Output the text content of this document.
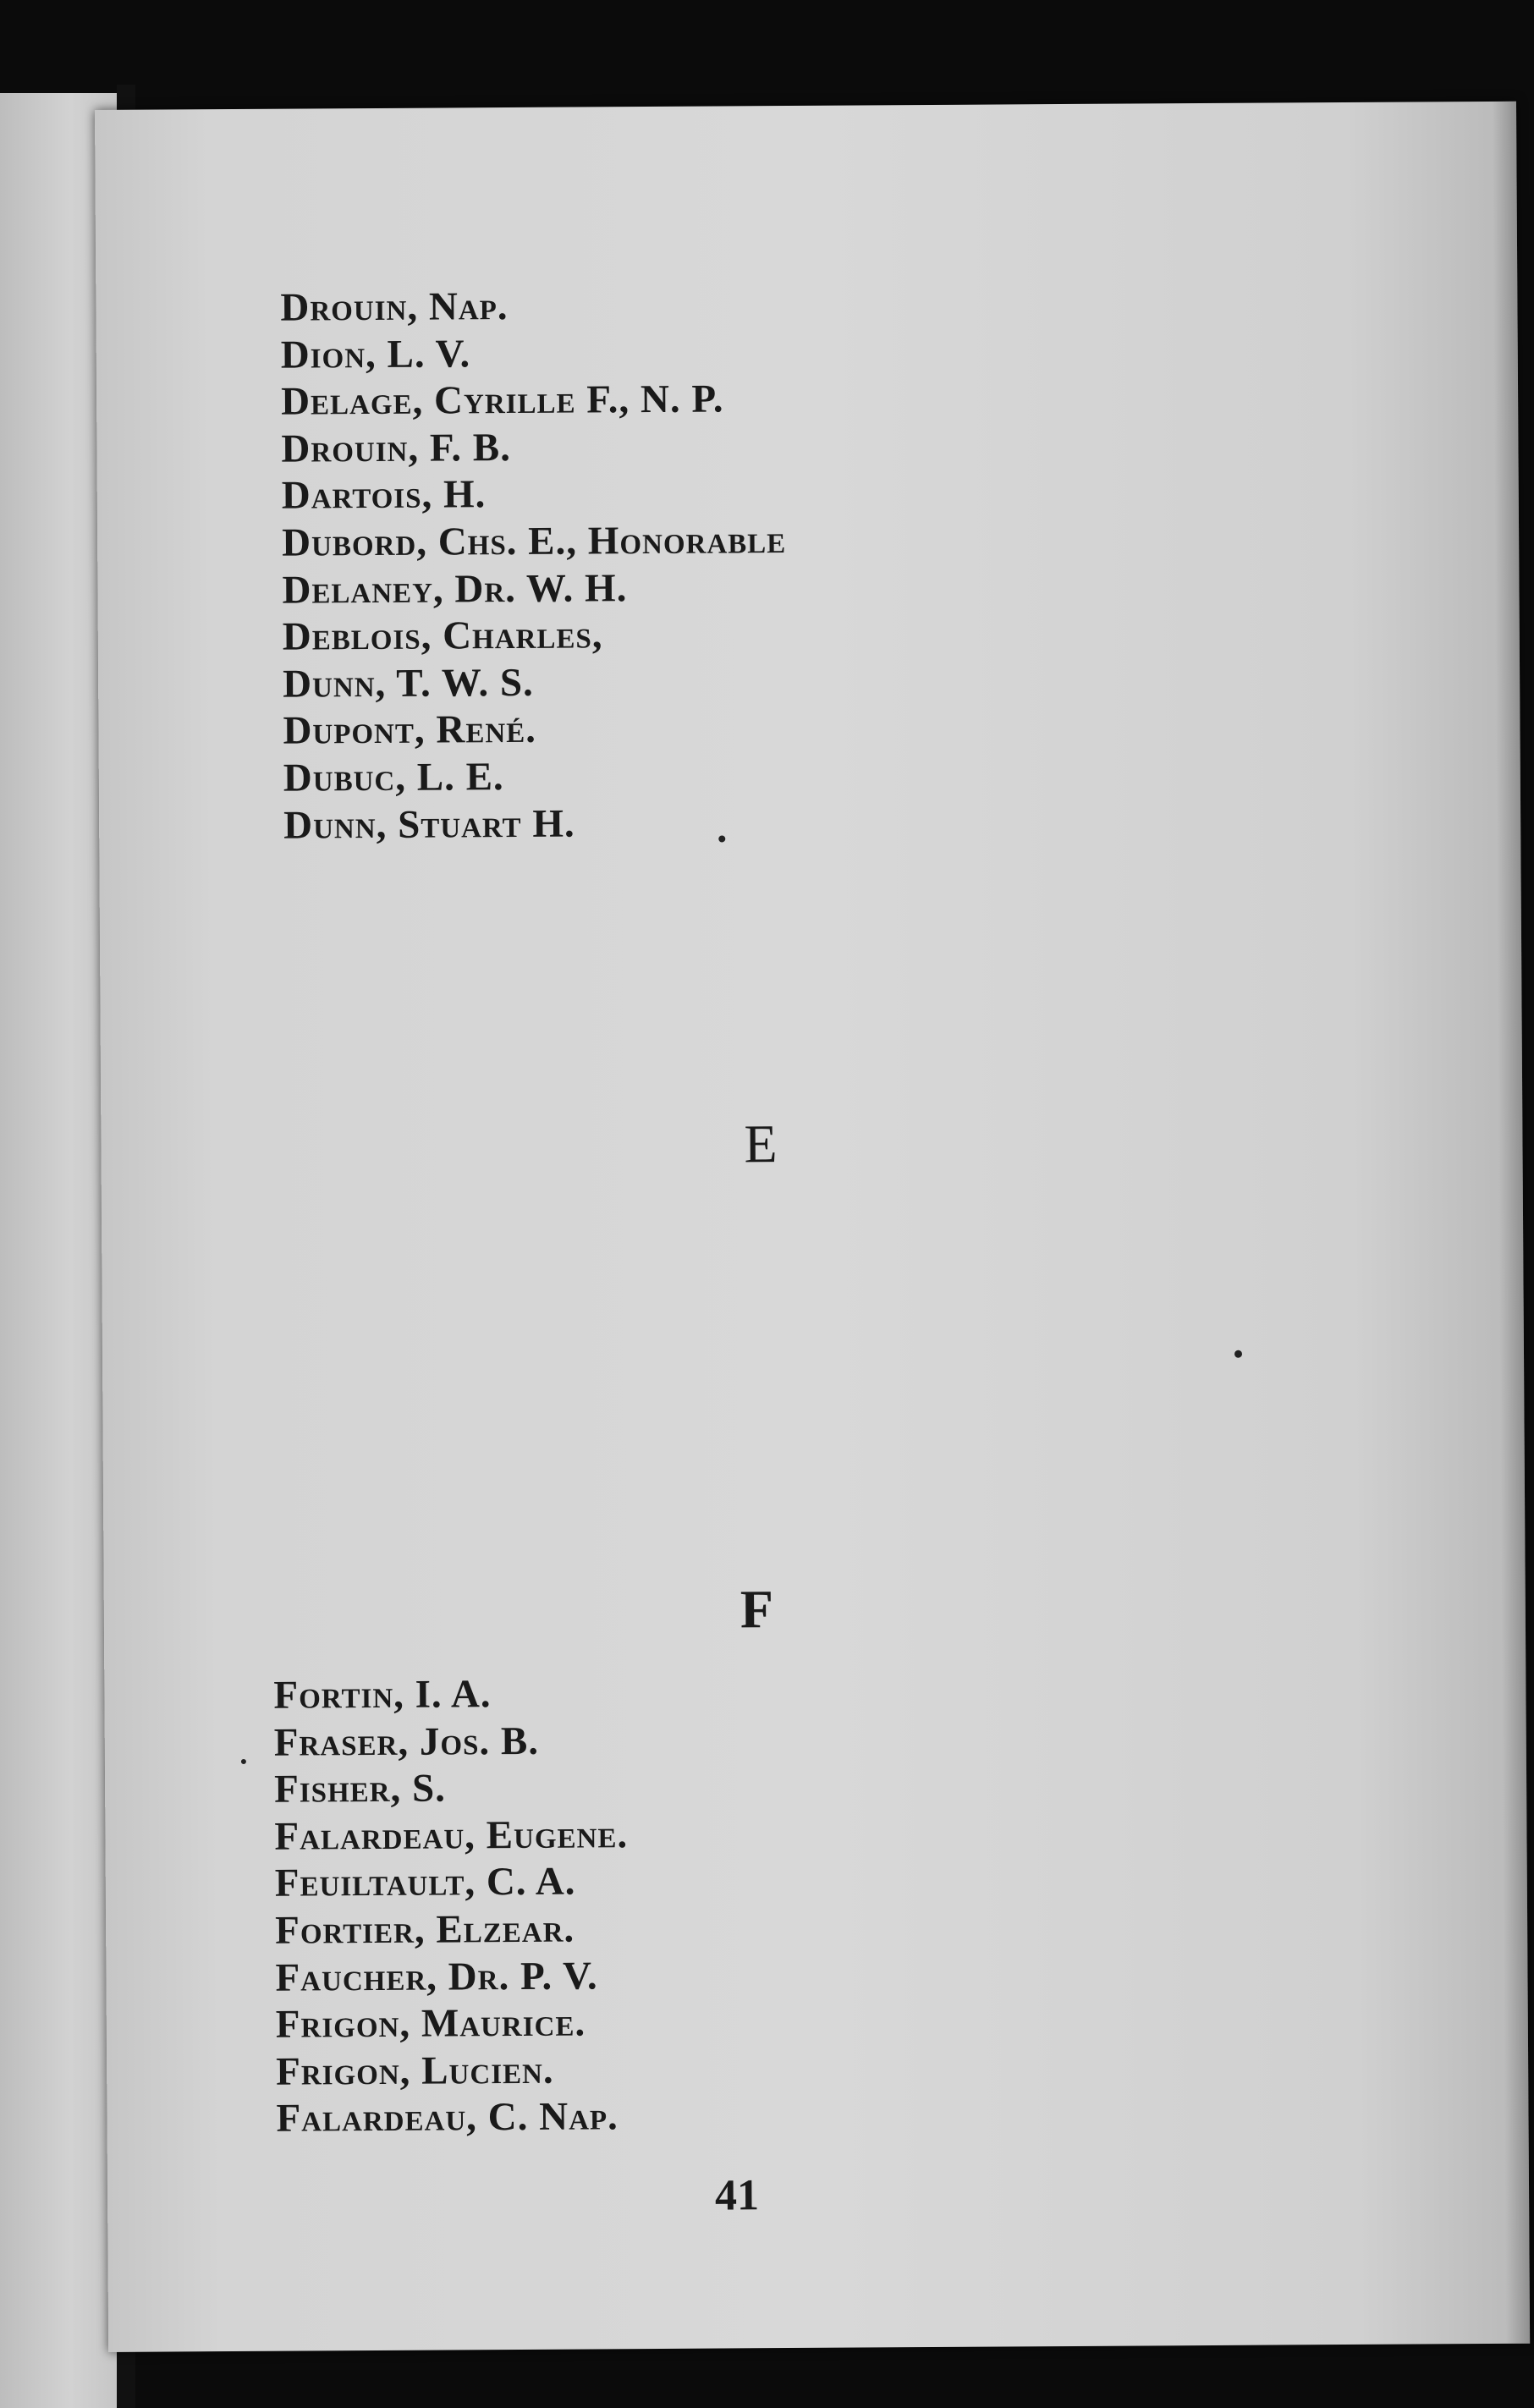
Drouin, Nap.
Dion, L. V.
Delage, Cyrille F., N. P.
Drouin, F. B.
Dartois, H.
Dubord, Chs. E., Honorable
Delaney, Dr. W. H.
Deblois, Charles,
Dunn, T. W. S.
Dupont, René.
Dubuc, L. E.
Dunn, Stuart H.
E
F
Fortin, I. A.
Fraser, Jos. B.
Fisher, S.
Falardeau, Eugene.
Feuiltault, C. A.
Fortier, Elzear.
Faucher, Dr. P. V.
Frigon, Maurice.
Frigon, Lucien.
Falardeau, C. Nap.
41
